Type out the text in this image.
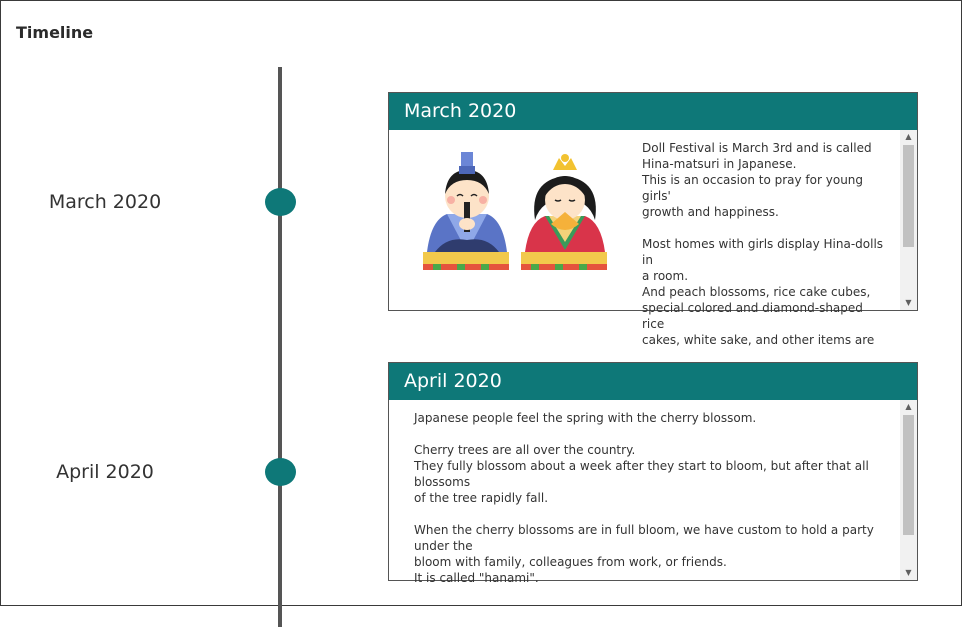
Timeline
March 2020
March 2020
Doll Festival is March 3rd and is called
Hina-matsuri in Japanese.
This is an occasion to pray for young girls'
growth and happiness.
Most homes with girls display Hina-dolls in
a room.
And peach blossoms, rice cake cubes,
special colored and diamond-shaped rice
cakes, white sake, and other items are
▲
▼
April 2020
April 2020
Japanese people feel the spring with the cherry blossom.
Cherry trees are all over the country.
They fully blossom about a week after they start to bloom, but after that all blossoms
of the tree rapidly fall.
When the cherry blossoms are in full bloom, we have custom to hold a party under the
bloom with family, colleagues from work, or friends.
It is called "hanami".
▲
▼
